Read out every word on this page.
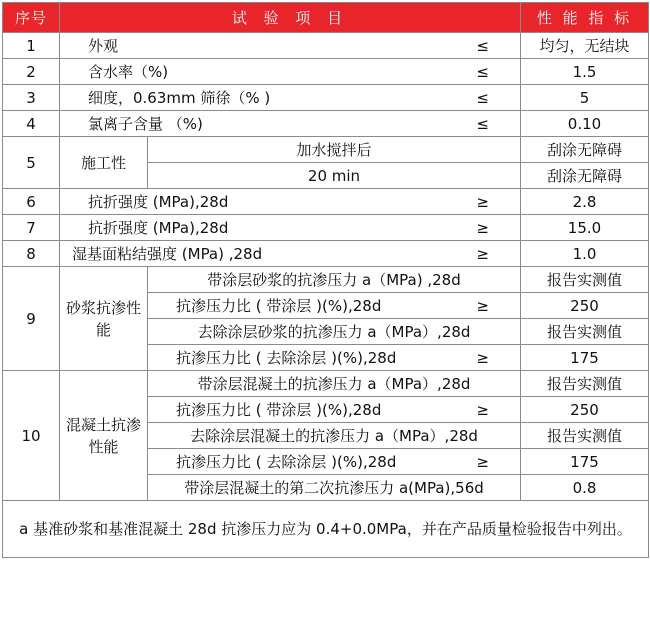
序号	试 验 项 目		性 能 指 标
1	外观 ≤		均匀，无结块
2	含水率（%) ≤		1.5
3	细度，0.63mm 筛徐（% ) ≤		5
4	氯离子含量 （%) ≤		0.10
5	施工性	加水搅拌后	刮涂无障碍
		20 min	刮涂无障碍
6	抗折强度 (MPa),28d ≥		2.8
7	抗折强度 (MPa),28d ≥		15.0
8	湿基面粘结强度 (MPa) ,28d ≥		1.0
9	砂浆抗渗性能	带涂层砂浆的抗渗压力 a（MPa) ,28d	报告实测值

		抗渗压力比 ( 带涂层 )(%),28d ≥	250

		去除涂层砂浆的抗渗压力 a（MPa）,28d	报告实测值

		抗渗压力比 ( 去除涂层 )(%),28d ≥	175
10	混凝土抗渗性能	带涂层混凝土的抗渗压力 a（MPa）,28d	报告实测值

		抗渗压力比 ( 带涂层 )(%),28d ≥	250

		去除涂层混凝土的抗渗压力 a（MPa）,28d	报告实测值

		抗渗压力比 ( 去除涂层 )(%),28d ≥	175

		带涂层混凝土的第二次抗渗压力 a(MPa),56d	0.8
a 基准砂浆和基准混凝土 28d 抗渗压力应为 0.4+0.0MPa，并在产品质量检验报告中列出。			
